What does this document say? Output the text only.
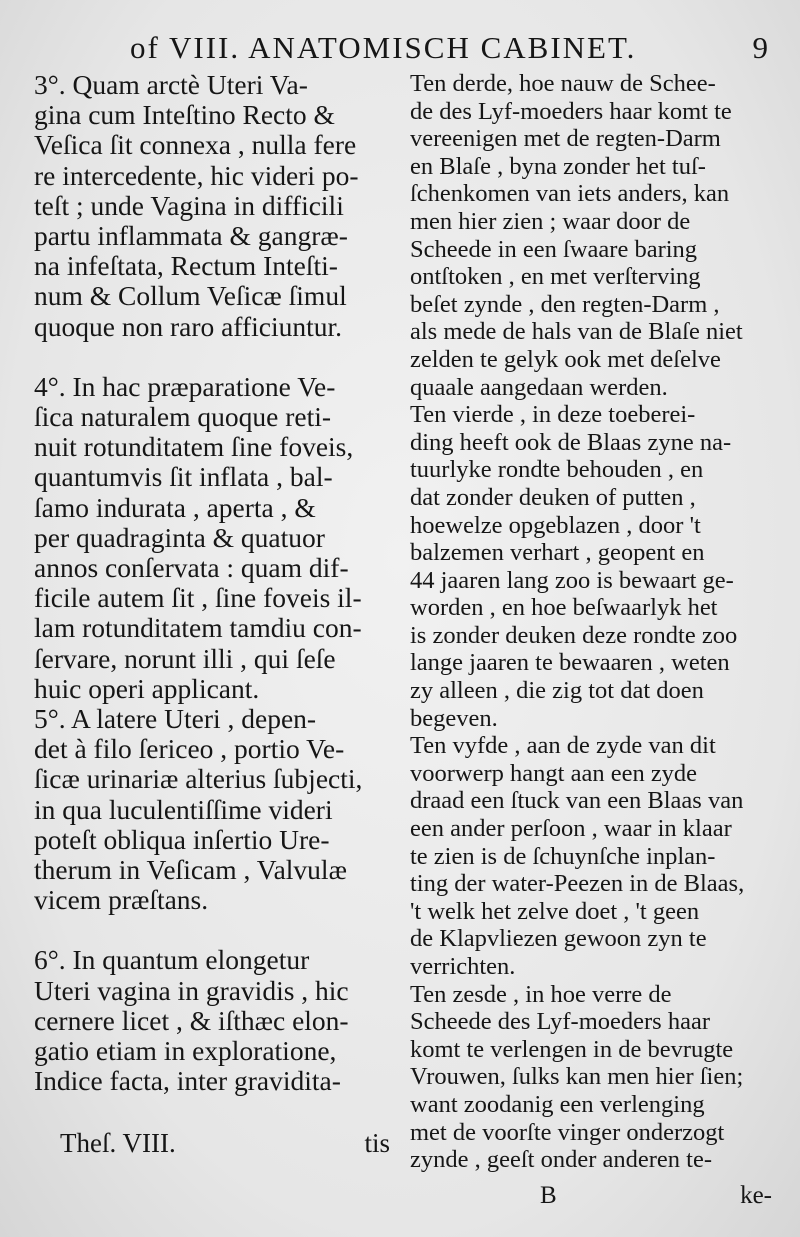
of VIII. ANATOMISCH CABINET.	9
3°. Quam arctè Uteri Va-
gina cum Inteſtino Recto &
Veſica ſit connexa , nulla fere
re intercedente, hic videri po-
teſt ; unde Vagina in difficili
partu inflammata & gangræ-
na infeſtata, Rectum Inteſti-
num & Collum Veſicæ ſimul
quoque non raro afficiuntur.

4°. In hac præparatione Ve-
ſica naturalem quoque reti-
nuit rotunditatem ſine foveis,
quantumvis ſit inflata , bal-
ſamo indurata , aperta , &
per quadraginta & quatuor
annos conſervata : quam dif-
ficile autem ſit , ſine foveis il-
lam rotunditatem tamdiu con-
ſervare, norunt illi , qui ſeſe
huic operi applicant.
5°. A latere Uteri , depen-
det à filo ſericeo , portio Ve-
ſicæ urinariæ alterius ſubjecti,
in qua luculentiſſime videri
poteſt obliqua inſertio Ure-
therum in Veſicam , Valvulæ
vicem præſtans.

6°. In quantum elongetur
Uteri vagina in gravidis , hic
cernere licet , & iſthæc elon-
gatio etiam in exploratione,
Indice facta, inter gravidita-
Ten derde, hoe nauw de Schee-
de des Lyf-moeders haar komt te
vereenigen met de regten-Darm
en Blaſe , byna zonder het tuſ-
ſchenkomen van iets anders, kan
men hier zien ; waar door de
Scheede in een ſwaare baring
ontſtoken , en met verſterving
beſet zynde , den regten-Darm ,
als mede de hals van de Blaſe niet
zelden te gelyk ook met deſelve
quaale aangedaan werden.
Ten vierde , in deze toeberei-
ding heeft ook de Blaas zyne na-
tuurlyke rondte behouden , en
dat zonder deuken of putten ,
hoewelze opgeblazen , door 't
balzemen verhart , geopent en
44 jaaren lang zoo is bewaart ge-
worden , en hoe beſwaarlyk het
is zonder deuken deze rondte zoo
lange jaaren te bewaaren , weten
zy alleen , die zig tot dat doen
begeven.
Ten vyfde , aan de zyde van dit
voorwerp hangt aan een zyde
draad een ſtuck van een Blaas van
een ander perſoon , waar in klaar
te zien is de ſchuynſche inplan-
ting der water-Peezen in de Blaas,
't welk het zelve doet , 't geen
de Klapvliezen gewoon zyn te
verrichten.
Ten zesde , in hoe verre de
Scheede des Lyf-moeders haar
komt te verlengen in de bevrugte
Vrouwen, ſulks kan men hier ſien;
want zoodanig een verlenging
met de voorſte vinger onderzogt
zynde , geeſt onder anderen te-
Theſ. VIII.	tis
B	ke-
